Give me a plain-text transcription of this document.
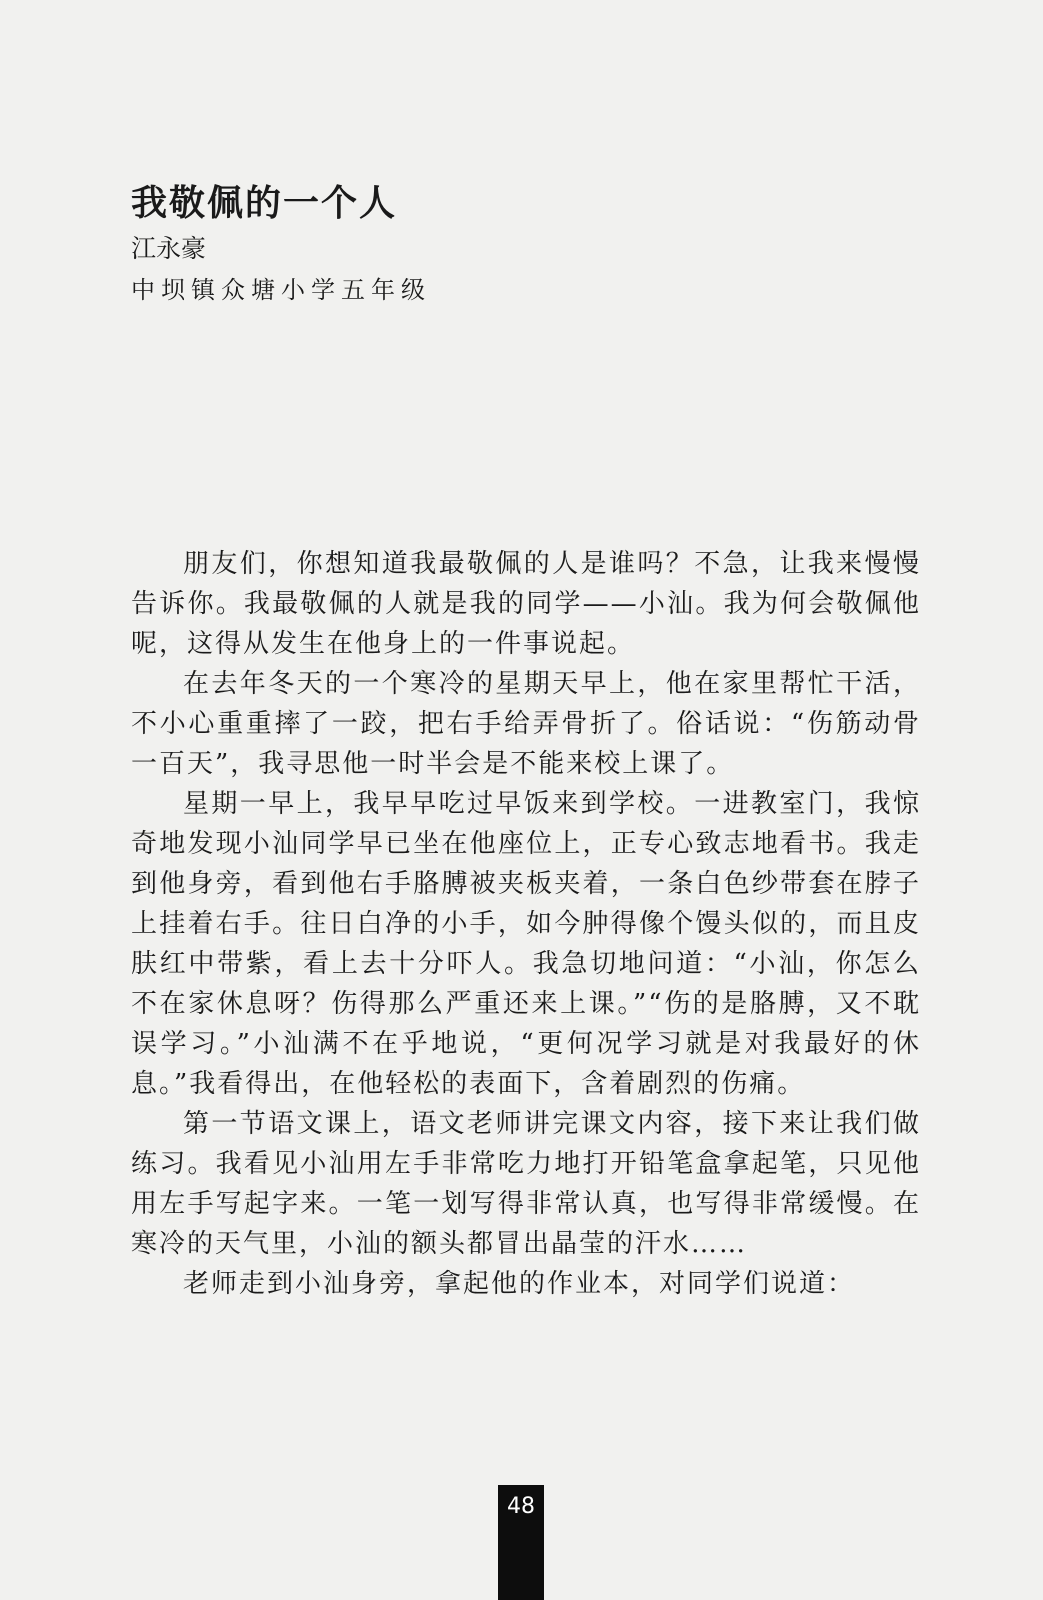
我敬佩的一个人
江永豪
中坝镇众塘小学五年级

朋友们，你想知道我最敬佩的人是谁吗？不急，让我来慢慢告诉你。我最敬佩的人就是我的同学——小汕。我为何会敬佩他呢，这得从发生在他身上的一件事说起。

在去年冬天的一个寒冷的星期天早上，他在家里帮忙干活，不小心重重摔了一跤，把右手给弄骨折了。俗话说：“伤筋动骨一百天”，我寻思他一时半会是不能来校上课了。

星期一早上，我早早吃过早饭来到学校。一进教室门，我惊奇地发现小汕同学早已坐在他座位上，正专心致志地看书。我走到他身旁，看到他右手胳膊被夹板夹着，一条白色纱带套在脖子上挂着右手。往日白净的小手，如今肿得像个馒头似的，而且皮肤红中带紫，看上去十分吓人。我急切地问道：“小汕，你怎么不在家休息呀？伤得那么严重还来上课。”“伤的是胳膊，又不耽误学习。”小汕满不在乎地说，“更何况学习就是对我最好的休息。”我看得出，在他轻松的表面下，含着剧烈的伤痛。

第一节语文课上，语文老师讲完课文内容，接下来让我们做练习。我看见小汕用左手非常吃力地打开铅笔盒拿起笔，只见他用左手写起字来。一笔一划写得非常认真，也写得非常缓慢。在寒冷的天气里，小汕的额头都冒出晶莹的汗水……

老师走到小汕身旁，拿起他的作业本，对同学们说道：

48
